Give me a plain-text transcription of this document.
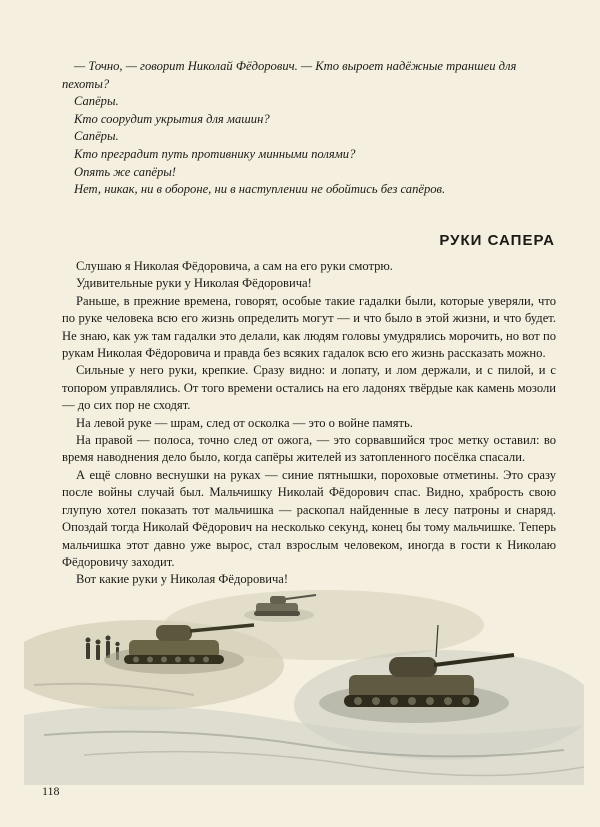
— Точно, — говорит Николай Фёдорович. — Кто выроет надёжные траншеи для пехоты?

Сапёры.

Кто соорудит укрытия для машин?

Сапёры.

Кто преградит путь противнику минными полями?

Опять же сапёры!

Нет, никак, ни в обороне, ни в наступлении не обойтись без сапёров.

РУКИ САПЕРА

Слушаю я Николая Фёдоровича, а сам на его руки смотрю.

Удивительные руки у Николая Фёдоровича!

Раньше, в прежние времена, говорят, особые такие гадалки были, которые уверяли, что по руке человека всю его жизнь определить могут — и что было в этой жизни, и что будет. Не знаю, как уж там гадалки это делали, как людям головы умудрялись морочить, но вот по рукам Николая Фёдоровича и правда без всяких гадалок всю его жизнь рассказать можно.

Сильные у него руки, крепкие. Сразу видно: и лопату, и лом держали, и с пилой, и с топором управлялись. От того времени остались на его ладонях твёрдые как камень мозоли — до сих пор не сходят.

На левой руке — шрам, след от осколка — это о войне память.

На правой — полоса, точно след от ожога, — это сорвавшийся трос метку оставил: во время наводнения дело было, когда сапёры жителей из затопленного посёлка спасали.

А ещё словно веснушки на руках — синие пятнышки, пороховые отметины. Это сразу после войны случай был. Мальчишку Николай Фёдорович спас. Видно, храбрость свою глупую хотел показать тот мальчишка — раскопал найденные в лесу патроны и снаряд. Опоздай тогда Николай Фёдорович на несколько секунд, конец бы тому мальчишке. Теперь мальчишка этот давно уже вырос, стал взрослым человеком, иногда в гости к Николаю Фёдоровичу заходит.

Вот какие руки у Николая Фёдоровича!

118
